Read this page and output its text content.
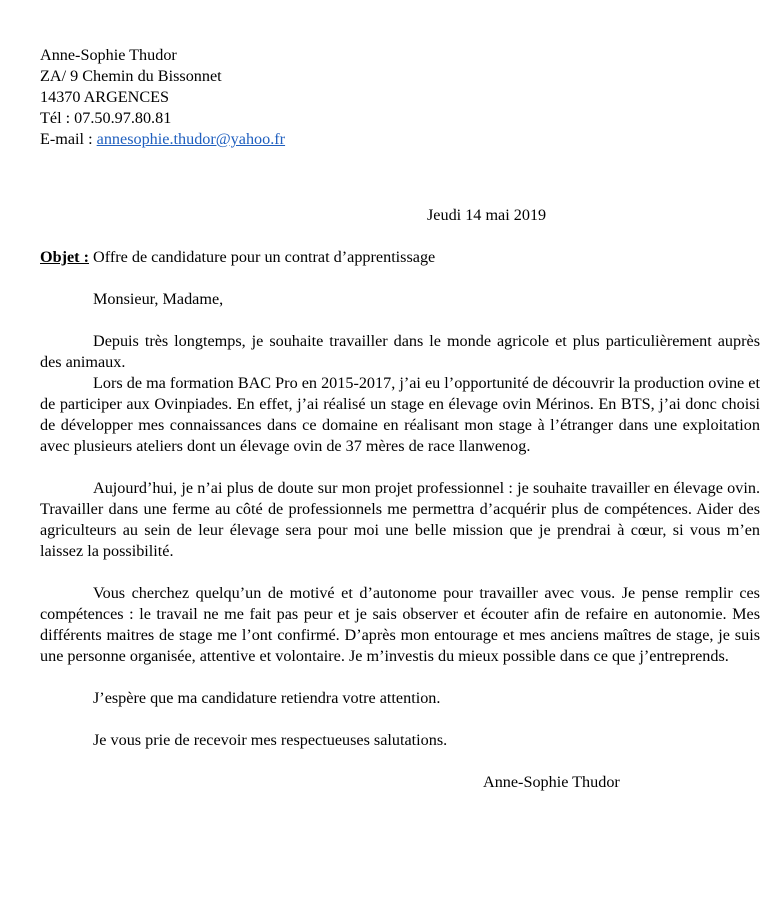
Anne-Sophie Thudor

ZA/ 9 Chemin du Bissonnet

14370 ARGENCES

Tél : 07.50.97.80.81

E-mail : annesophie.thudor@yahoo.fr

Jeudi 14 mai 2019
Objet : Offre de candidature pour un contrat d’apprentissage
Monsieur, Madame,

Depuis très longtemps, je souhaite travailler dans le monde agricole et plus particulièrement auprès des animaux.

Lors de ma formation BAC Pro en 2015-2017, j’ai eu l’opportunité de découvrir la production ovine et de participer aux Ovinpiades. En effet, j’ai réalisé un stage en élevage ovin Mérinos. En BTS, j’ai donc choisi de développer mes connaissances dans ce domaine en réalisant mon stage à l’étranger dans une exploitation avec plusieurs ateliers dont un élevage ovin de 37 mères de race llanwenog.

Aujourd’hui, je n’ai plus de doute sur mon projet professionnel : je souhaite travailler en élevage ovin. Travailler dans une ferme au côté de professionnels me permettra d’acquérir plus de compétences. Aider des agriculteurs au sein de leur élevage sera pour moi une belle mission que je prendrai à cœur, si vous m’en laissez la possibilité.

Vous cherchez quelqu’un de motivé et d’autonome pour travailler avec vous. Je pense remplir ces compétences : le travail ne me fait pas peur et je sais observer et écouter afin de refaire en autonomie. Mes différents maitres de stage me l’ont confirmé. D’après mon entourage et mes anciens maîtres de stage, je suis une personne organisée, attentive et volontaire. Je m’investis du mieux possible dans ce que j’entreprends.

J’espère que ma candidature retiendra votre attention.

Je vous prie de recevoir mes respectueuses salutations.

Anne-Sophie Thudor
